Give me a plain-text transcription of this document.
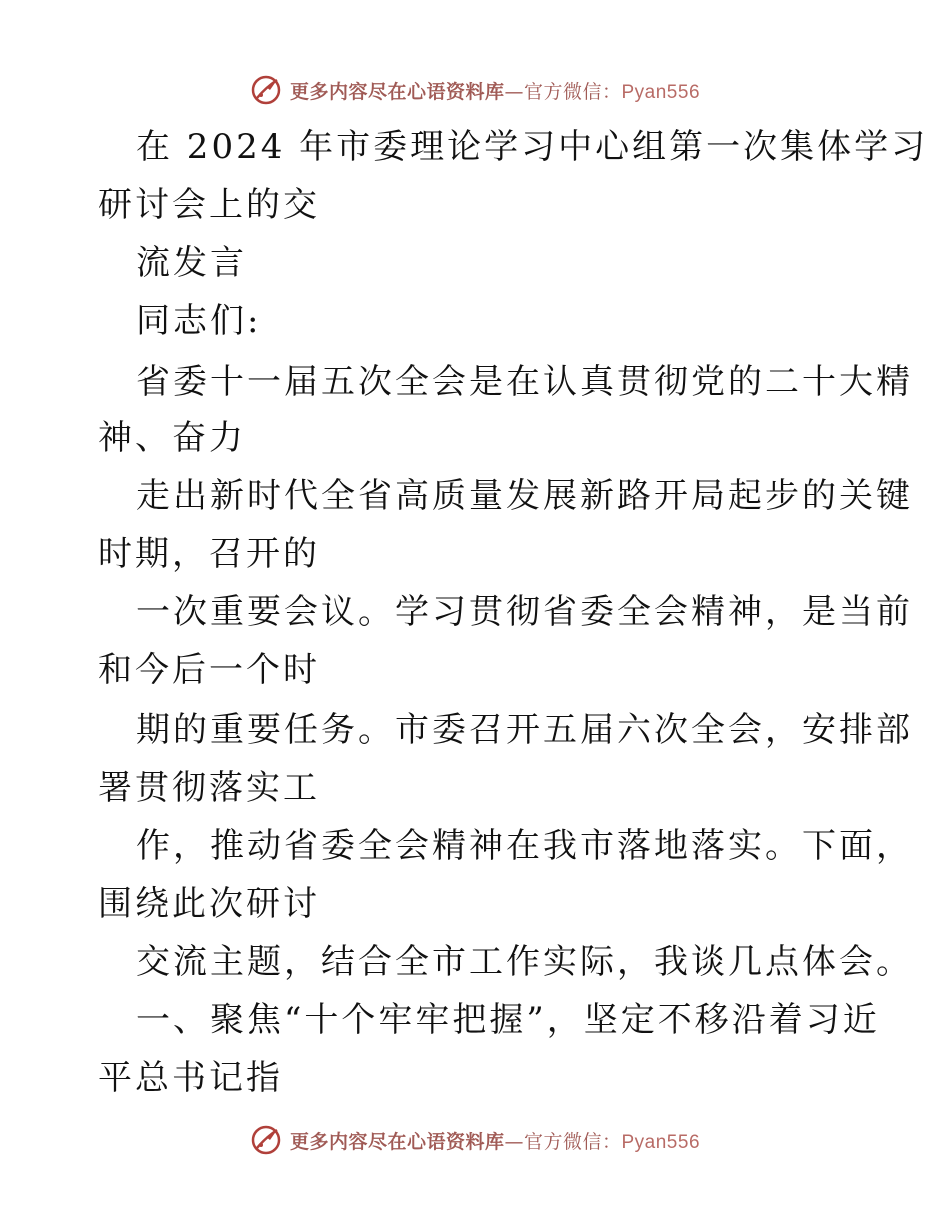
更多内容尽在心语资料库—官方微信：Pyan556
在 2024 年市委理论学习中心组第一次集体学习
研讨会上的交
流发言
同志们:
省委十一届五次全会是在认真贯彻党的二十大精
神、奋力
走出新时代全省高质量发展新路开局起步的关键
时期，召开的
一次重要会议。学习贯彻省委全会精神，是当前
和今后一个时
期的重要任务。市委召开五届六次全会，安排部
署贯彻落实工
作，推动省委全会精神在我市落地落实。下面，
围绕此次研讨
交流主题，结合全市工作实际，我谈几点体会。
一、聚焦“十个牢牢把握”，坚定不移沿着习近
平总书记指
更多内容尽在心语资料库—官方微信：Pyan556
